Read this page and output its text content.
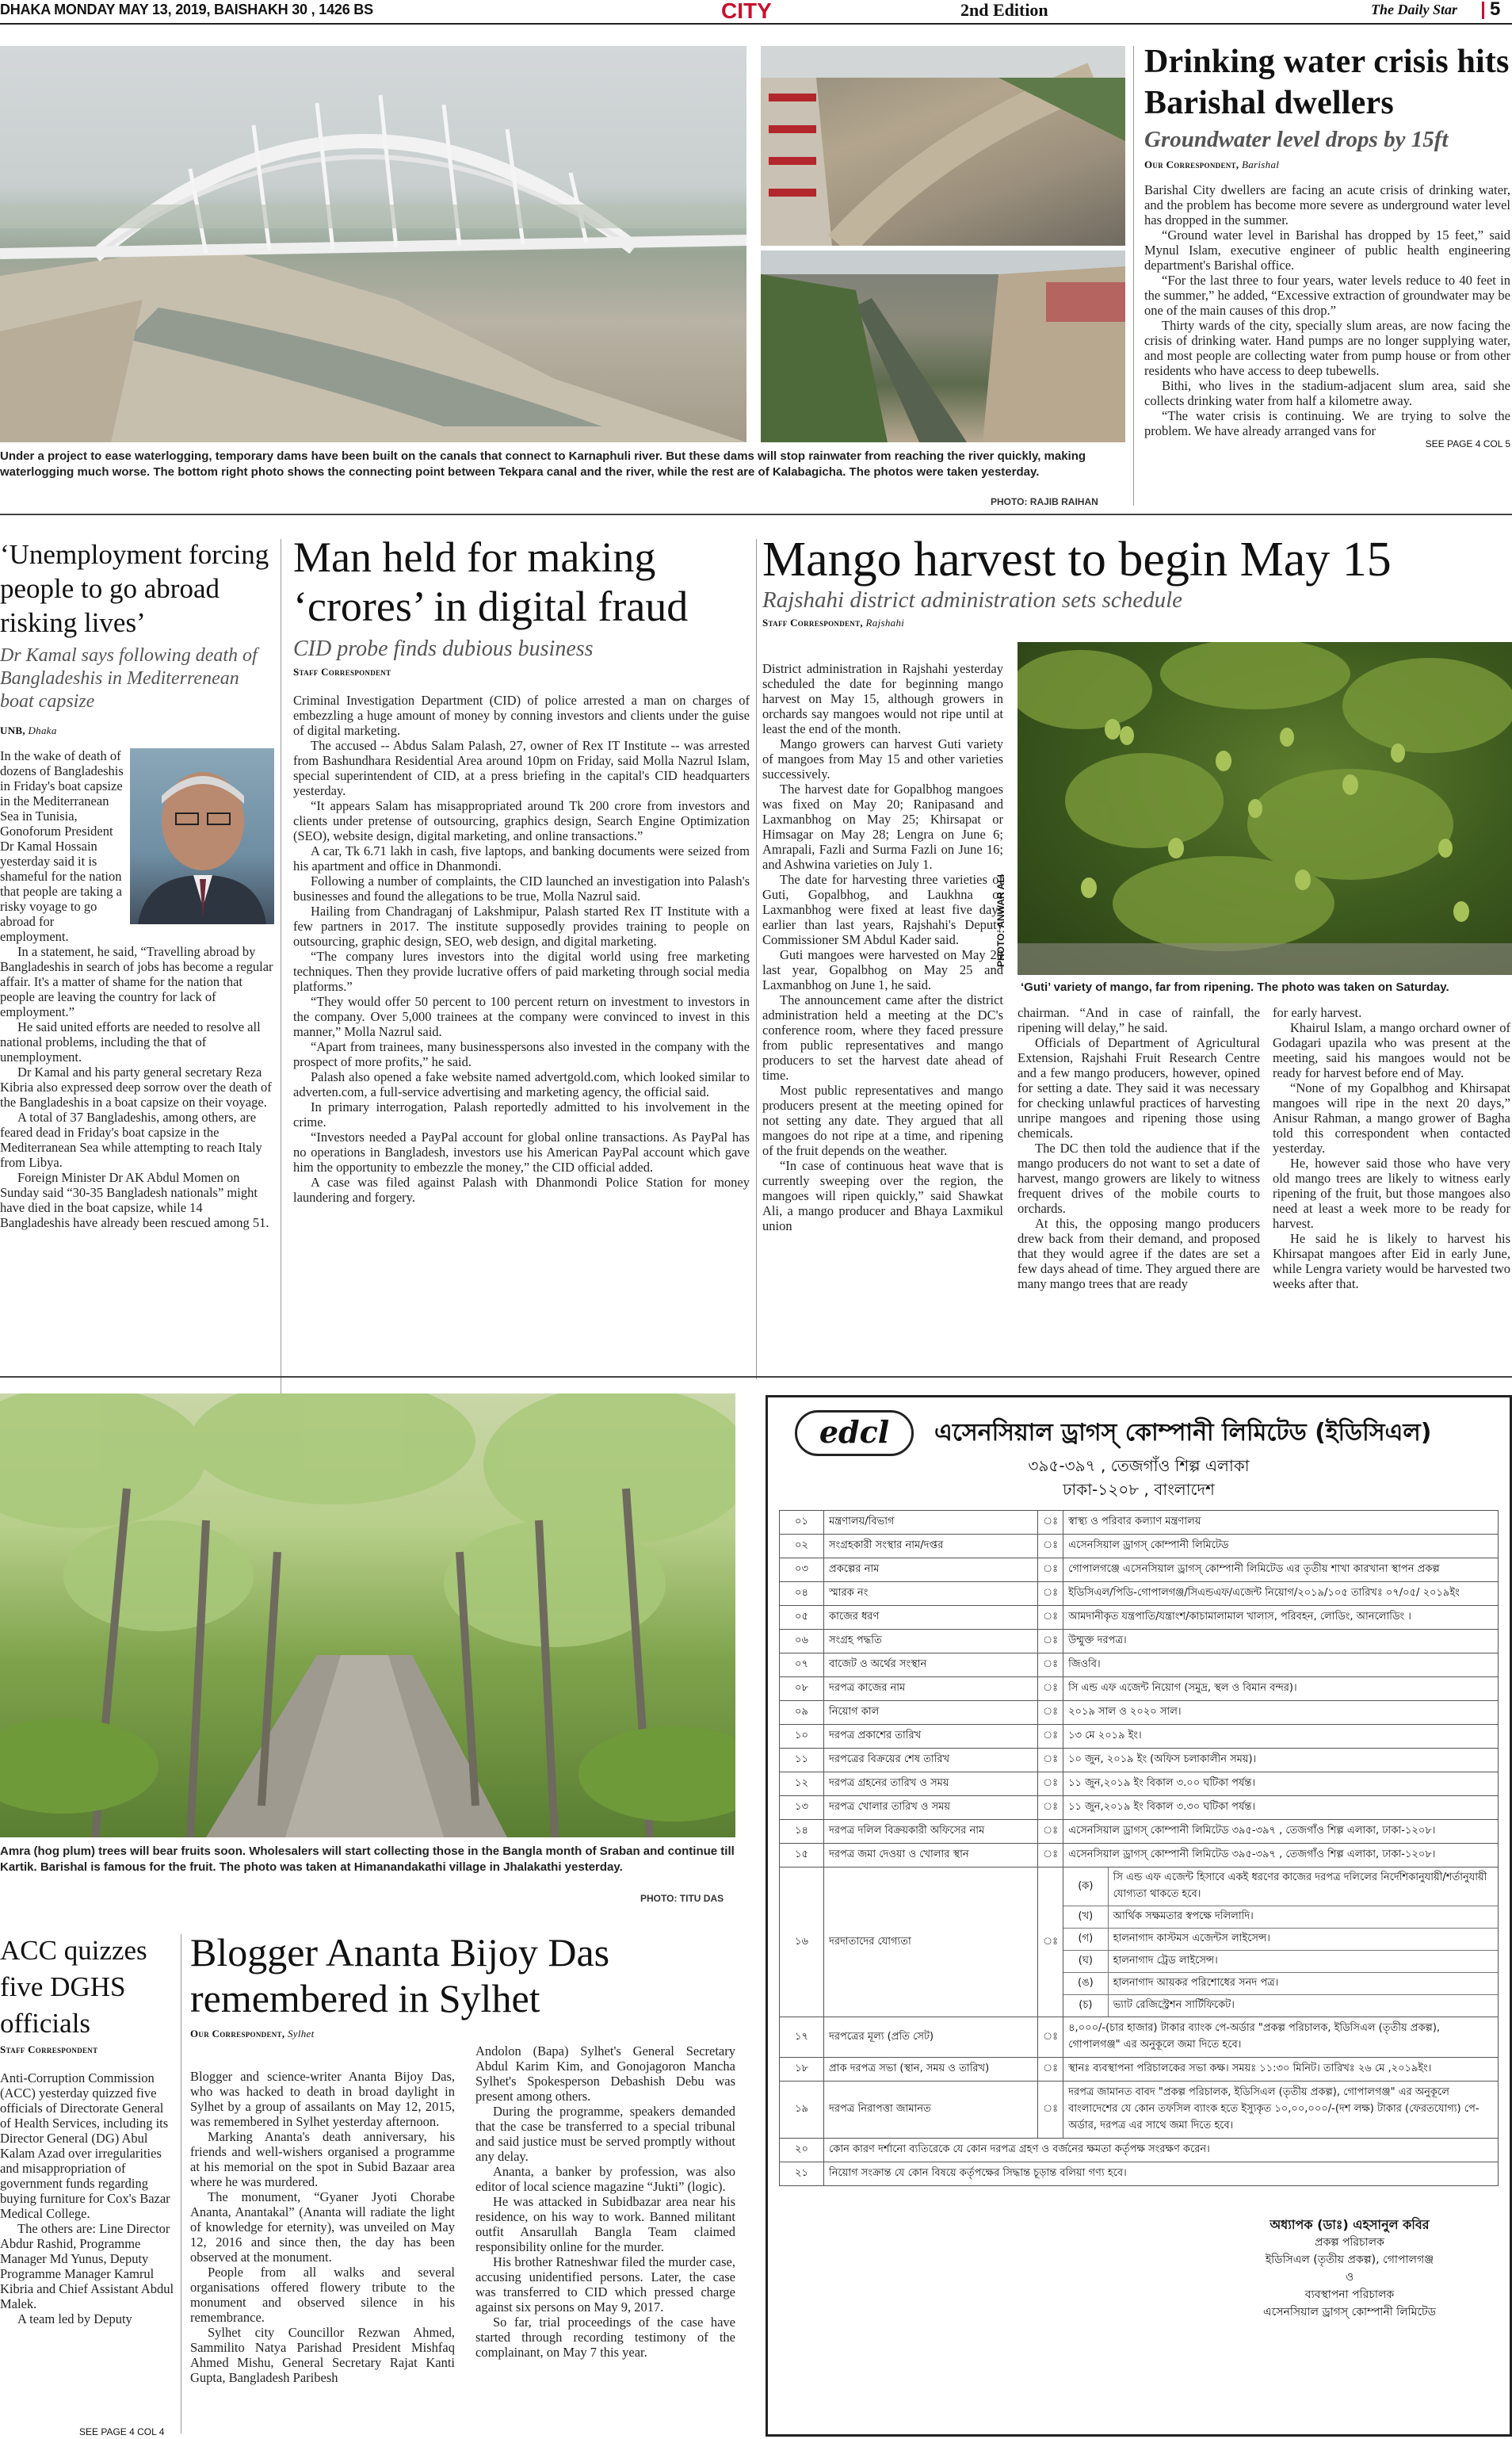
DHAKA MONDAY MAY 13, 2019, BAISHAKH 30 , 1426 BS	CITY	2nd Edition	The Daily Star 5
Under a project to ease waterlogging, temporary dams have been built on the canals that connect to Karnaphuli river. But these dams will stop rainwater from reaching the river quickly, making waterlogging much worse. The bottom right photo shows the connecting point between Tekpara canal and the river, while the rest are of Kalabagicha. The photos were taken yesterday.
PHOTO: RAJIB RAIHAN
Drinking water crisis hits Barishal dwellers
Groundwater level drops by 15ft
Our Correspondent, Barishal

Barishal City dwellers are facing an acute crisis of drinking water, and the problem has become more severe as underground water level has dropped in the summer.

“Ground water level in Barishal has dropped by 15 feet,” said Mynul Islam, executive engineer of public health engineering department's Barishal office.

“For the last three to four years, water levels reduce to 40 feet in the summer,” he added, “Excessive extraction of groundwater may be one of the main causes of this drop.”

Thirty wards of the city, specially slum areas, are now facing the crisis of drinking water. Hand pumps are no longer supplying water, and most people are collecting water from pump house or from other residents who have access to deep tubewells.

Bithi, who lives in the stadium-adjacent slum area, said she collects drinking water from half a kilometre away.

“The water crisis is continuing. We are trying to solve the problem. We have already arranged vans for

SEE PAGE 4 COL 5
‘Unemployment forcing people to go abroad risking lives’
Dr Kamal says following death of Bangladeshis in Mediterrenean boat capsize
UNB, Dhaka

In the wake of death of dozens of Bangladeshis in Friday's boat capsize in the Mediterranean Sea in Tunisia, Gonoforum President Dr Kamal Hossain yesterday said it is shameful for the nation that people are taking a risky voyage to go abroad for employment.

In a statement, he said, “Travelling abroad by Bangladeshis in search of jobs has become a regular affair. It's a matter of shame for the nation that people are leaving the country for lack of employment.”

He said united efforts are needed to resolve all national problems, including the that of unemployment.

Dr Kamal and his party general secretary Reza Kibria also expressed deep sorrow over the death of the Bangladeshis in a boat capsize on their voyage.

A total of 37 Bangladeshis, among others, are feared dead in Friday's boat capsize in the Mediterranean Sea while attempting to reach Italy from Libya.

Foreign Minister Dr AK Abdul Momen on Sunday said “30-35 Bangladesh nationals” might have died in the boat capsize, while 14 Bangladeshis have already been rescued among 51.

Man held for making ‘crores’ in digital fraud
CID probe finds dubious business
Staff Correspondent

Criminal Investigation Department (CID) of police arrested a man on charges of embezzling a huge amount of money by conning investors and clients under the guise of digital marketing.

The accused -- Abdus Salam Palash, 27, owner of Rex IT Institute -- was arrested from Bashundhara Residential Area around 10pm on Friday, said Molla Nazrul Islam, special superintendent of CID, at a press briefing in the capital's CID headquarters yesterday.

“It appears Salam has misappropriated around Tk 200 crore from investors and clients under pretense of outsourcing, graphics design, Search Engine Optimization (SEO), website design, digital marketing, and online transactions.”

A car, Tk 6.71 lakh in cash, five laptops, and banking documents were seized from his apartment and office in Dhanmondi.

Following a number of complaints, the CID launched an investigation into Palash's businesses and found the allegations to be true, Molla Nazrul said.

Hailing from Chandraganj of Lakshmipur, Palash started Rex IT Institute with a few partners in 2017. The institute supposedly provides training to people on outsourcing, graphic design, SEO, web design, and digital marketing.

“The company lures investors into the digital world using free marketing techniques. Then they provide lucrative offers of paid marketing through social media platforms.”

“They would offer 50 percent to 100 percent return on investment to investors in the company. Over 5,000 trainees at the company were convinced to invest in this manner,” Molla Nazrul said.

“Apart from trainees, many businesspersons also invested in the company with the prospect of more profits,” he said.

Palash also opened a fake website named advertgold.com, which looked similar to adverten.com, a full-service advertising and marketing agency, the official said.

In primary interrogation, Palash reportedly admitted to his involvement in the crime.

“Investors needed a PayPal account for global online transactions. As PayPal has no operations in Bangladesh, investors use his American PayPal account which gave him the opportunity to embezzle the money,” the CID official added.

A case was filed against Palash with Dhanmondi Police Station for money laundering and forgery.

Mango harvest to begin May 15
Rajshahi district administration sets schedule
Staff Correspondent, Rajshahi

District administration in Rajshahi yesterday scheduled the date for beginning mango harvest on May 15, although growers in orchards say mangoes would not ripe until at least the end of the month.

Mango growers can harvest Guti variety of mangoes from May 15 and other varieties successively.

The harvest date for Gopalbhog mangoes was fixed on May 20; Ranipasand and Laxmanbhog on May 25; Khirsapat or Himsagar on May 28; Lengra on June 6; Amrapali, Fazli and Surma Fazli on June 16; and Ashwina varieties on July 1.

The date for harvesting three varieties of Guti, Gopalbhog, and Laukhna or Laxmanbhog were fixed at least five days earlier than last years, Rajshahi's Deputy Commissioner SM Abdul Kader said.

Guti mangoes were harvested on May 20 last year, Gopalbhog on May 25 and Laxmanbhog on June 1, he said.

The announcement came after the district administration held a meeting at the DC's conference room, where they faced pressure from public representatives and mango producers to set the harvest date ahead of time.

Most public representatives and mango producers present at the meeting opined for not setting any date. They argued that all mangoes do not ripe at a time, and ripening of the fruit depends on the weather.

“In case of continuous heat wave that is currently sweeping over the region, the mangoes will ripen quickly,” said Shawkat Ali, a mango producer and Bhaya Laxmikul union

PHOTO: ANWAR ALI
‘Guti’ variety of mango, far from ripening. The photo was taken on Saturday.

chairman. “And in case of rainfall, the ripening will delay,” he said.

Officials of Department of Agricultural Extension, Rajshahi Fruit Research Centre and a few mango producers, however, opined for setting a date. They said it was necessary for checking unlawful practices of harvesting unripe mangoes and ripening those using chemicals.

The DC then told the audience that if the mango producers do not want to set a date of harvest, mango growers are likely to witness frequent drives of the mobile courts to orchards.

At this, the opposing mango producers drew back from their demand, and proposed that they would agree if the dates are set a few days ahead of time. They argued there are many mango trees that are ready

for early harvest.

Khairul Islam, a mango orchard owner of Godagari upazila who was present at the meeting, said his mangoes would not be ready for harvest before end of May.

“None of my Gopalbhog and Khirsapat mangoes will ripe in the next 20 days,” Anisur Rahman, a mango grower of Bagha told this correspondent when contacted yesterday.

He, however said those who have very old mango trees are likely to witness early ripening of the fruit, but those mangoes also need at least a week more to be ready for harvest.

He said he is likely to harvest his Khirsapat mangoes after Eid in early June, while Lengra variety would be harvested two weeks after that.

Amra (hog plum) trees will bear fruits soon. Wholesalers will start collecting those in the Bangla month of Sraban and continue till Kartik. Barishal is famous for the fruit. The photo was taken at Himanandakathi village in Jhalakathi yesterday.
PHOTO: TITU DAS
ACC quizzes five DGHS officials
Staff Correspondent

Anti-Corruption Commission (ACC) yesterday quizzed five officials of Directorate General of Health Services, including its Director General (DG) Abul Kalam Azad over irregularities and misappropriation of government funds regarding buying furniture for Cox's Bazar Medical College.

The others are: Line Director Abdur Rashid, Programme Manager Md Yunus, Deputy Programme Manager Kamrul Kibria and Chief Assistant Abdul Malek.

A team led by Deputy

SEE PAGE 4 COL 4
Blogger Ananta Bijoy Das remembered in Sylhet
Our Correspondent, Sylhet

Blogger and science-writer Ananta Bijoy Das, who was hacked to death in broad daylight in Sylhet by a group of assailants on May 12, 2015, was remembered in Sylhet yesterday afternoon.

Marking Ananta's death anniversary, his friends and well-wishers organised a programme at his memorial on the spot in Subid Bazaar area where he was murdered.

The monument, “Gyaner Jyoti Chorabe Ananta, Anantakal” (Ananta will radiate the light of knowledge for eternity), was unveiled on May 12, 2016 and since then, the day has been observed at the monument.

People from all walks and several organisations offered flowery tribute to the monument and observed silence in his remembrance.

Sylhet city Councillor Rezwan Ahmed, Sammilito Natya Parishad President Mishfaq Ahmed Mishu, General Secretary Rajat Kanti Gupta, Bangladesh Paribesh

Andolon (Bapa) Sylhet's General Secretary Abdul Karim Kim, and Gonojagoron Mancha Sylhet's Spokesperson Debashish Debu was present among others.

During the programme, speakers demanded that the case be transferred to a special tribunal and said justice must be served promptly without any delay.

Ananta, a banker by profession, was also editor of local science magazine “Jukti” (logic).

He was attacked in Subidbazar area near his residence, on his way to work. Banned militant outfit Ansarullah Bangla Team claimed responsibility online for the murder.

His brother Ratneshwar filed the murder case, accusing unidentified persons. Later, the case was transferred to CID which pressed charge against six persons on May 9, 2017.

So far, trial proceedings of the case have started through recording testimony of the complainant, on May 7 this year.

edcl	এসেনসিয়াল ড্রাগস্ কোম্পানী লিমিটেড (ইডিসিএল)
৩৯৫-৩৯৭ , তেজগাঁও শিল্প এলাকা
ঢাকা-১২০৮ , বাংলাদেশ
০১	মন্ত্রণালয়/বিভাগ	ঃ	স্বাস্থ্য ও পরিবার কল্যাণ মন্ত্রণালয়
০২	সংগ্রহকারী সংস্থার নাম/দপ্তর	ঃ	এসেনসিয়াল ড্রাগস্ কোম্পানী লিমিটেড
০৩	প্রকল্পের নাম	ঃ	গোপালগঞ্জে এসেনসিয়াল ড্রাগস্ কোম্পানী লিমিটেড এর তৃতীয় শাখা কারখানা স্থাপন প্রকল্প
০৪	স্মারক নং	ঃ	ইডিসিএল/পিডি-গোপালগঞ্জ/সিএন্ডএফ/এজেন্ট নিয়োগ/২০১৯/১০৫ তারিখঃ ০৭/০৫/ ২০১৯ইং
০৫	কাজের ধরণ	ঃ	আমদানীকৃত যন্ত্রপাতি/যন্ত্রাংশ/কাচামালামাল খালাস, পরিবহন, লোডিং, আনলোডিং ।
০৬	সংগ্রহ পদ্ধতি	ঃ	উম্মুক্ত দরপত্র।
০৭	বাজেট ও অর্থের সংস্থান	ঃ	জিওবি।
০৮	দরপত্র কাজের নাম	ঃ	সি এন্ড এফ এজেন্ট নিয়োগ (সমুদ্র, স্থল ও বিমান বন্দর)।
০৯	নিয়োগ কাল	ঃ	২০১৯ সাল ও ২০২০ সাল।
১০	দরপত্র প্রকাশের তারিখ	ঃ	১৩ মে ২০১৯ ইং।
১১	দরপত্রের বিক্রয়ের শেষ তারিখ	ঃ	১০ জুন, ২০১৯ ইং (অফিস চলাকালীন সময়)।
১২	দরপত্র গ্রহনের তারিখ ও সময়	ঃ	১১ জুন,২০১৯ ইং বিকাল ৩.০০ ঘটিকা পর্যন্ত।
১৩	দরপত্র খোলার তারিখ ও সময়	ঃ	১১ জুন,২০১৯ ইং বিকাল ৩.৩০ ঘটিকা পর্যন্ত।
১৪	দরপত্র দলিল বিক্রয়কারী অফিসের নাম	ঃ	এসেনসিয়াল ড্রাগস্ কোম্পানী লিমিটেড ৩৯৫-৩৯৭ , তেজগাঁও শিল্প এলাকা, ঢাকা-১২০৮।
১৫	দরপত্র জমা দেওয়া ও খোলার স্থান	ঃ	এসেনসিয়াল ড্রাগস্ কোম্পানী লিমিটেড ৩৯৫-৩৯৭ , তেজগাঁও শিল্প এলাকা, ঢাকা-১২০৮।
১৬	দরদাতাদের যোগ্যতা	ঃ	
(ক)	সি এন্ড এফ এজেন্ট হিসাবে একই ধরণের কাজের দরপত্র দলিলের নির্দেশিকানুযায়ী/শর্তানুযায়ী যোগ্যতা থাকতে হবে।
(খ)	আর্থিক সক্ষমতার স্বপক্ষে দলিলাদি।
(গ)	হালনাগাদ কাস্টমস এজেন্টস লাইসেন্স।
(ঘ)	হালনাগাদ ট্রেড লাইসেন্স।
(ঙ)	হালনাগাদ আয়কর পরিশোধের সনদ পত্র।
(চ)	ভ্যাট রেজিস্ট্রেশন সার্টিফিকেট।

১৭	দরপত্রের মূল্য (প্রতি সেট)	ঃ	৪,০০০/-(চার হাজার) টাকার ব্যাংক পে-অর্ডার "প্রকল্প পরিচালক, ইডিসিএল (তৃতীয় প্রকল্প), গোপালগঞ্জ" এর অনুকূলে জমা দিতে হবে।
১৮	প্রাক দরপত্র সভা (স্থান, সময় ও তারিখ)	ঃ	স্থানঃ ব্যবস্থাপনা পরিচালকের সভা কক্ষ। সময়ঃ ১১:৩০ মিনিট। তারিখঃ ২৬ মে ,২০১৯ইং।
১৯	দরপত্র নিরাপত্তা জামানত	ঃ	দরপত্র জামানত বাবদ "প্রকল্প পরিচালক, ইডিসিএল (তৃতীয় প্রকল্প), গোপালগঞ্জ" এর অনুকূলে বাংলাদেশের যে কোন তফসিল ব্যাংক হতে ইস্যুকৃত ১০,০০,০০০/-(দশ লক্ষ) টাকার (ফেরতযোগ্য) পে-অর্ডার, দরপত্র এর সাথে জমা দিতে হবে।
২০	কোন কারণ দর্শানো ব্যতিরেকে যে কোন দরপত্র গ্রহণ ও বর্জনের ক্ষমতা কর্তৃপক্ষ সংরক্ষণ করেন।
২১	নিয়োগ সংক্রান্ত যে কোন বিষয়ে কর্তৃপক্ষের সিদ্ধান্ত চূড়ান্ত বলিয়া গণ্য হবে।
অধ্যাপক (ডাঃ) এহসানুল কবির
প্রকল্প পরিচালক
ইডিসিএল (তৃতীয় প্রকল্প), গোপালগঞ্জ
ও
ব্যবস্থাপনা পরিচালক
এসেনসিয়াল ড্রাগস্ কোম্পানী লিমিটেড
